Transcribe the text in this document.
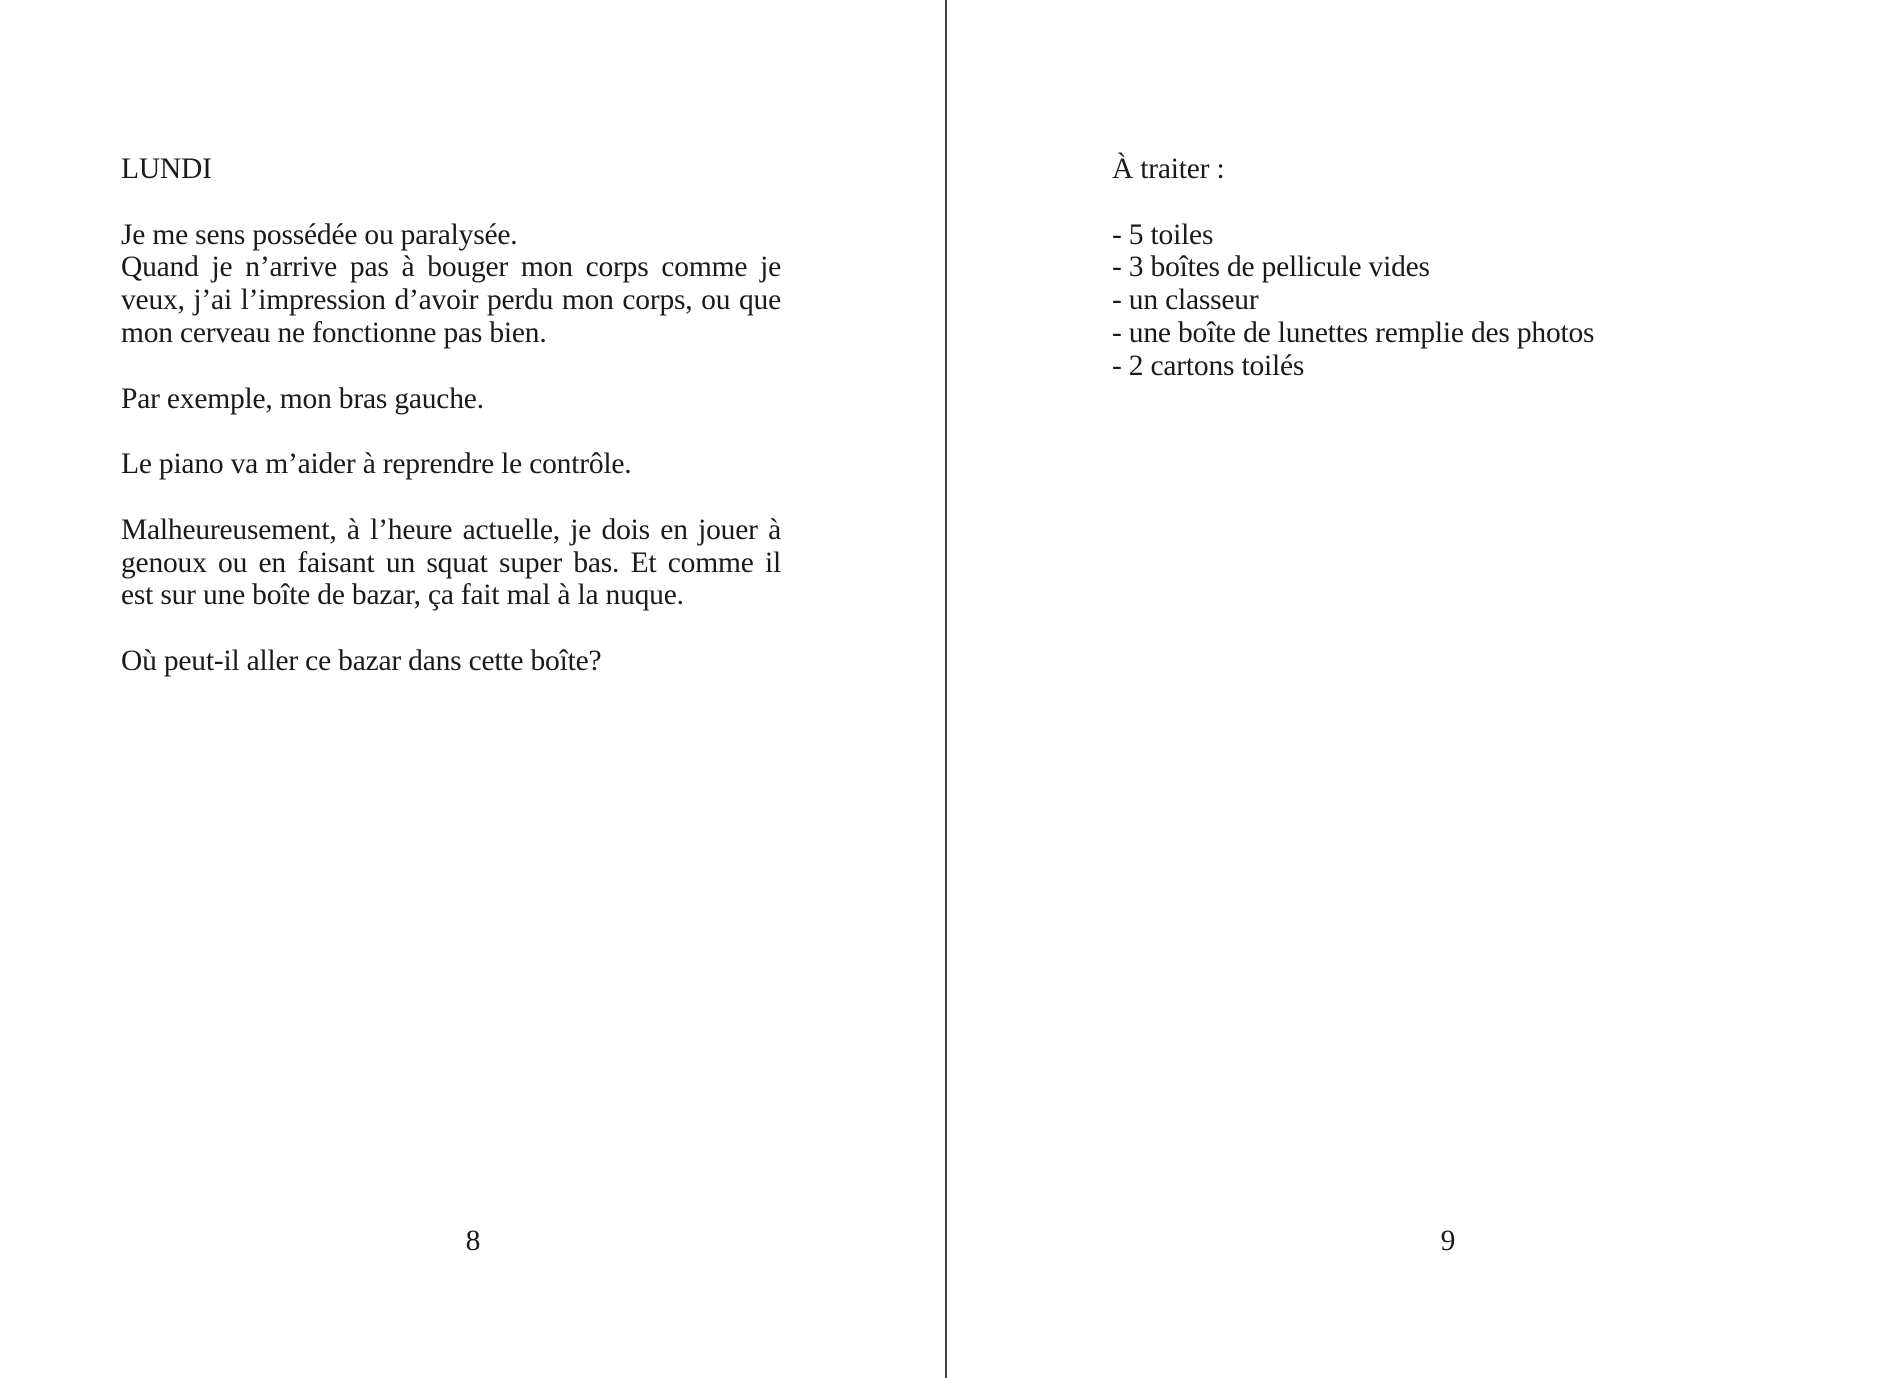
LUNDI

Je me sens possédée ou paralysée.
Quand je n’arrive pas à bouger mon corps comme je
veux, j’ai l’impression d’avoir perdu mon corps, ou que
mon cerveau ne fonctionne pas bien.

Par exemple, mon bras gauche.

Le piano va m’aider à reprendre le contrôle.

Malheureusement, à l’heure actuelle, je dois en jouer à
genoux ou en faisant un squat super bas. Et comme il
est sur une boîte de bazar, ça fait mal à la nuque.

Où peut-il aller ce bazar dans cette boîte?

8
À traiter :
- 5 toiles
- 3 boîtes de pellicule vides
- un classeur
- une boîte de lunettes remplie des photos
- 2 cartons toilés
9
